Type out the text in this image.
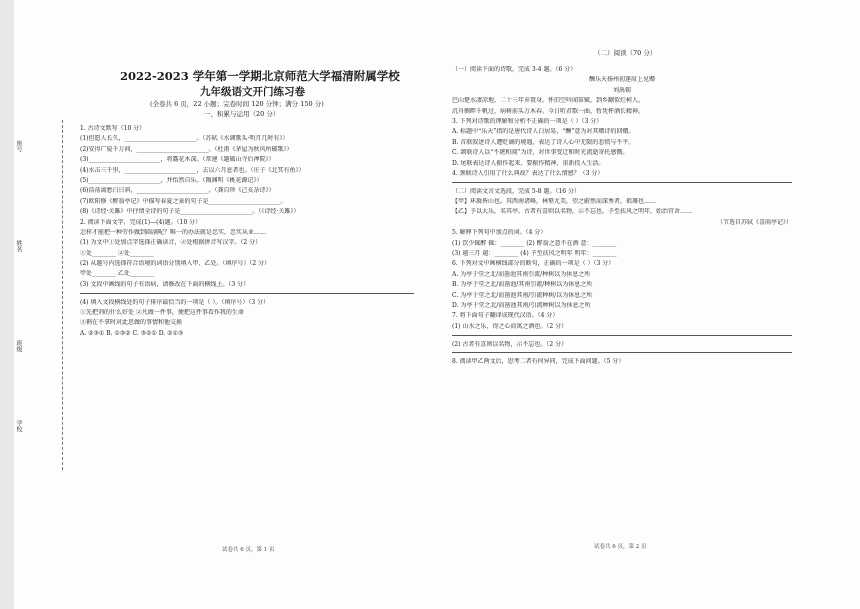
2022-2023 学年第一学期北京师范大学福清附属学校
九年级语文开门练习卷
(全卷共 6 页，22 小题；完卷时间 120 分钟；满分 150 分)
一、积累与运用（20 分）
1. 古诗文默写（10 分）
(1)但愿人长久，________________________。（苏轼《水调歌头·明月几时有》）
(2)安得广厦千万间，________________________。（杜甫《茅屋为秋风所破歌》）
(3)________________________，将露花木深。（常建《题破山寺后禅院》）
(4)水击三千里，________________________，去以六月息者也。（庄子《北冥有鱼》）
(5)________________________，并怡然自乐。（陶渊明《桃花源记》）
(6)浩荡离愁白日斜，________________________。（龚自珍《己亥杂诗》）
(7)欧阳修《醉翁亭记》中描写春夏之景的句子是________________________。
(8)《诗经·关雎》中抒情全诗的句子是________________________。（《诗经·关雎》）
2. 阅读下面文字，完成(1)—(4)题。（10 分）
怎样才能把一种劳作做到圆满呢？唯一的办法就是忠实，忠实从业……
(1) 为文中①处加点字选择正确读音，②处根据拼音写汉字。（2 分）
①处________ ②处________
(2) 从题号内选择符合语境的词语分别填入甲、乙处。（填序号）（2 分）
甲处________ 乙处________
(3) 文段中画线的句子有语病，请修改在下面的横线上。（3 分）
(4) 填入文段横线处的句子排序最恰当的一项是（ ）。（填序号）（3 分）
①先把剂的什么好处 ②凡做一件事，便把这件事看作我的生命
③剩在不拿时对此思做的事情和他交换
A. ②③① B. ①③② C. ③②① D. ②①③
试卷共 6 页，第 1 页
座号
姓名
班级
学校
（二）阅读（70 分）
（一）阅读下面的诗歌，完成 3-4 题。（6 分）
酬乐天扬州初逢席上见赠
刘禹锡
巴山楚水凄凉地，二十三年弃置身。怀旧空吟闻笛赋，到乡翻似烂柯人。
沉舟侧畔千帆过，病树前头万木春。今日听君歌一曲，暂凭杯酒长精神。
3. 下列对诗歌的理解和分析不正确的一项是（ ）（3 分）
A. 标题中“乐天”指的是唐代诗人白居易，“酬”意为对其赠诗的回赠。
B. 首联叙述诗人遭贬谪的境遇，表达了诗人心中无限的悲愤与不平。
C. 颔联诗人以“不堪和闻”为诗，对世事变迁和时光流逝寄托感慨。
D. 尾联表达诗人振作起来，要振作精神，重新投入生活。
4. 颈联诗人引用了什么典故？表达了什么情感？（3 分）
（二）阅读文言文选段，完成 5-8 题。（16 分）
【甲】环滁皆山也。其西南诸峰，林壑尤美，望之蔚然而深秀者，琅琊也……
【乙】予以大乐，名其亭。古者有喜则以名物，示不忘也。予至扶风之明年，始治官舍……
（节选自苏轼《喜雨亭记》）
5. 解释下列句中加点的词。（4 分）
(1) 饮少辄醉 辄：________ (2) 醉翁之意不在酒 意：________
(3) 越三月 越：________ (4) 予至扶风之明年 明年：________
6. 下列对文中画横线部分的断句，正确的一项是（ ）（3 分）
A. 为亭于堂之北/而凿池其南引流/种树以为休息之所
B. 为亭于堂之北/而凿池/其南引流/种树以为休息之所
C. 为亭于堂之北/而凿池其南/引流种树/以为休息之所
D. 为亭于堂之北/而凿池其南/引流种树以为休息之所
7. 将下面句子翻译成现代汉语。（4 分）
(1) 山水之乐，得之心而寓之酒也。（2 分）
(2) 古者有喜则以名物，示不忘也。（2 分）
8. 阅读甲乙两文后，思考二者有何异同，完成下面问题。（5 分）
试卷共 6 页，第 2 页
